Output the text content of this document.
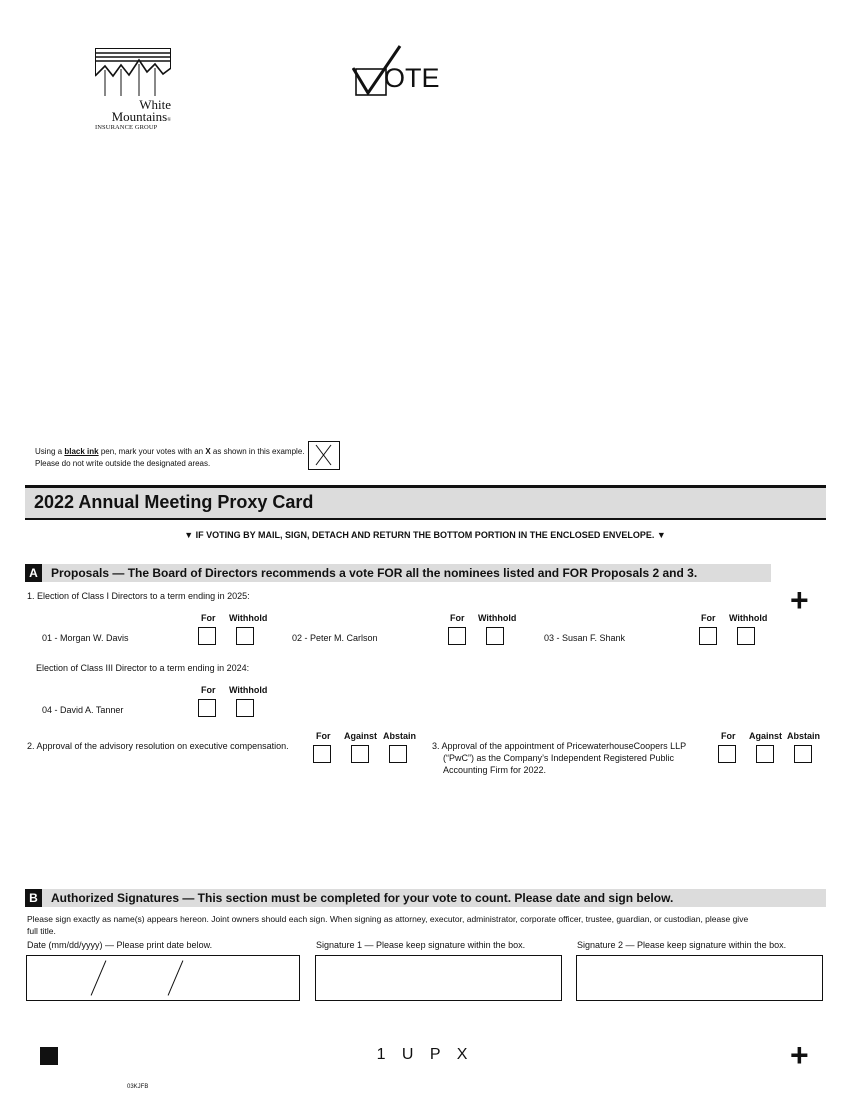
White
Mountains®
INSURANCE GROUP
OTE
Using a black ink pen, mark your votes with an X as shown in this example.
Please do not write outside the designated areas.
2022 Annual Meeting Proxy Card
▼ IF VOTING BY MAIL, SIGN, DETACH AND RETURN THE BOTTOM PORTION IN THE ENCLOSED ENVELOPE. ▼
A	Proposals — The Board of Directors recommends a vote FOR all the nominees listed and FOR Proposals 2 and 3.
+
1. Election of Class I Directors to a term ending in 2025:
For Withhold	For Withhold	For Withhold
01 - Morgan W. Davis	02 - Peter M. Carlson	03 - Susan F. Shank
Election of Class III Director to a term ending in 2024:
For Withhold
04 - David A. Tanner
2. Approval of the advisory resolution on executive compensation.
For Against Abstain
3. Approval of the appointment of PricewaterhouseCoopers LLP
(“PwC”) as the Company’s Independent Registered Public
Accounting Firm for 2022.
For Against Abstain
B	Authorized Signatures — This section must be completed for your vote to count. Please date and sign below.
Please sign exactly as name(s) appears hereon. Joint owners should each sign. When signing as attorney, executor, administrator, corporate officer, trustee, guardian, or custodian, please give
full title.
Date (mm/dd/yyyy) — Please print date below.	Signature 1 — Please keep signature within the box.	Signature 2 — Please keep signature within the box.
1 U P X	+
03KJFB
